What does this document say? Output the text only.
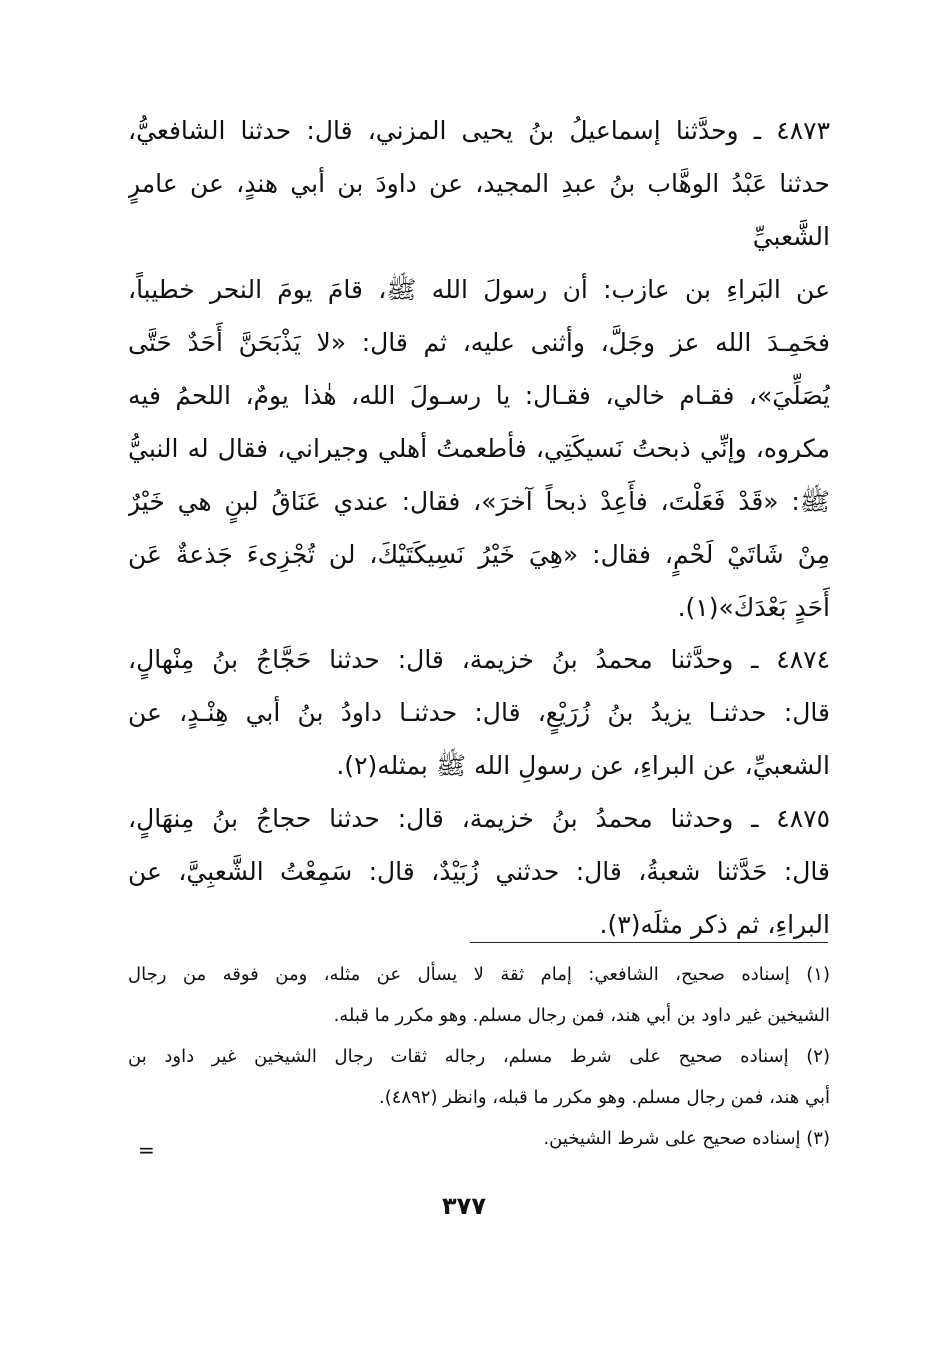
٤٨٧٣ ـ وحدَّثنا إسماعيلُ بنُ يحيى المزني، قال: حدثنا الشافعيُّ،
حدثنا عَبْدُ الوهَّاب بنُ عبدِ المجيد، عن داودَ بن أبي هندٍ، عن عامرٍ
الشَّعبيِّ
عن البَراءِ بن عازب: أن رسولَ الله ﷺ، قامَ يومَ النحر خطيباً،
فحَمِـدَ الله عز وجَلَّ، وأثنى عليه، ثم قال: «لا يَذْبَحَنَّ أَحَدٌ حَتَّى
يُصَلِّيَ»، فقـام خالي، فقـال: يا رسـولَ الله، هٰذا يومٌ، اللحمُ فيه
مكروه، وإنِّي ذبحتُ نَسيكَتِي، فأطعمتُ أهلي وجيراني، فقال له النبيُّ
ﷺ: «قَدْ فَعَلْتَ، فأَعِدْ ذبحاً آخرَ»، فقال: عندي عَنَاقُ لبنٍ هي خَيْرٌ
مِنْ شَاتَيْ لَحْمٍ، فقال: «هِيَ خَيْرُ نَسِيكَتَيْكَ، لن تُجْزِىءَ جَذعةٌ عَن
أَحَدٍ بَعْدَكَ»(١).
٤٨٧٤ ـ وحدَّثنا محمدُ بنُ خزيمة، قال: حدثنا حَجَّاجُ بنُ مِنْهالٍ،
قال: حدثنـا يزيدُ بنُ زُرَيْعٍ، قال: حدثنـا داودُ بنُ أبي هِنْـدٍ، عن
الشعبيِّ، عن البراءِ، عن رسولِ الله ﷺ بمثله(٢).
٤٨٧٥ ـ وحدثنا محمدُ بنُ خزيمة، قال: حدثنا حجاجُ بنُ مِنهَالٍ،
قال: حَدَّثنا شعبةُ، قال: حدثني زُبَيْدٌ، قال: سَمِعْتُ الشَّعبِيَّ، عن
البراءِ، ثم ذكر مثلَه(٣).
(١) إسناده صحيح، الشافعي: إمام ثقة لا يسأل عن مثله، ومن فوقه من رجال
الشيخين غير داود بن أبي هند، فمن رجال مسلم. وهو مكرر ما قبله.
(٢) إسناده صحيح على شرط مسلم، رجاله ثقات رجال الشيخين غير داود بن
أبي هند، فمن رجال مسلم. وهو مكرر ما قبله، وانظر (٤٨٩٢).
(٣) إسناده صحيح على شرط الشيخين.
=
٣٧٧
